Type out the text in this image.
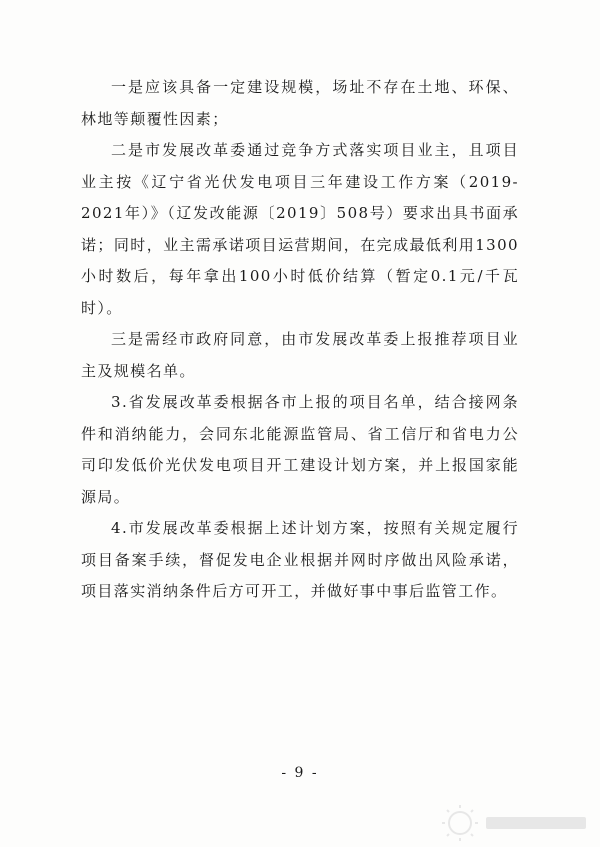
一是应该具备一定建设规模，场址不存在土地、环保、林地等颠覆性因素；

二是市发展改革委通过竞争方式落实项目业主，且项目业主按《辽宁省光伏发电项目三年建设工作方案（2019-2021年）》（辽发改能源〔2019〕508号）要求出具书面承诺；同时，业主需承诺项目运营期间，在完成最低利用1300小时数后，每年拿出100小时低价结算（暂定0.1元/千瓦时）。

三是需经市政府同意，由市发展改革委上报推荐项目业主及规模名单。

3.省发展改革委根据各市上报的项目名单，结合接网条件和消纳能力，会同东北能源监管局、省工信厅和省电力公司印发低价光伏发电项目开工建设计划方案，并上报国家能源局。

4.市发展改革委根据上述计划方案，按照有关规定履行项目备案手续，督促发电企业根据并网时序做出风险承诺，项目落实消纳条件后方可开工，并做好事中事后监管工作。

- 9 -
